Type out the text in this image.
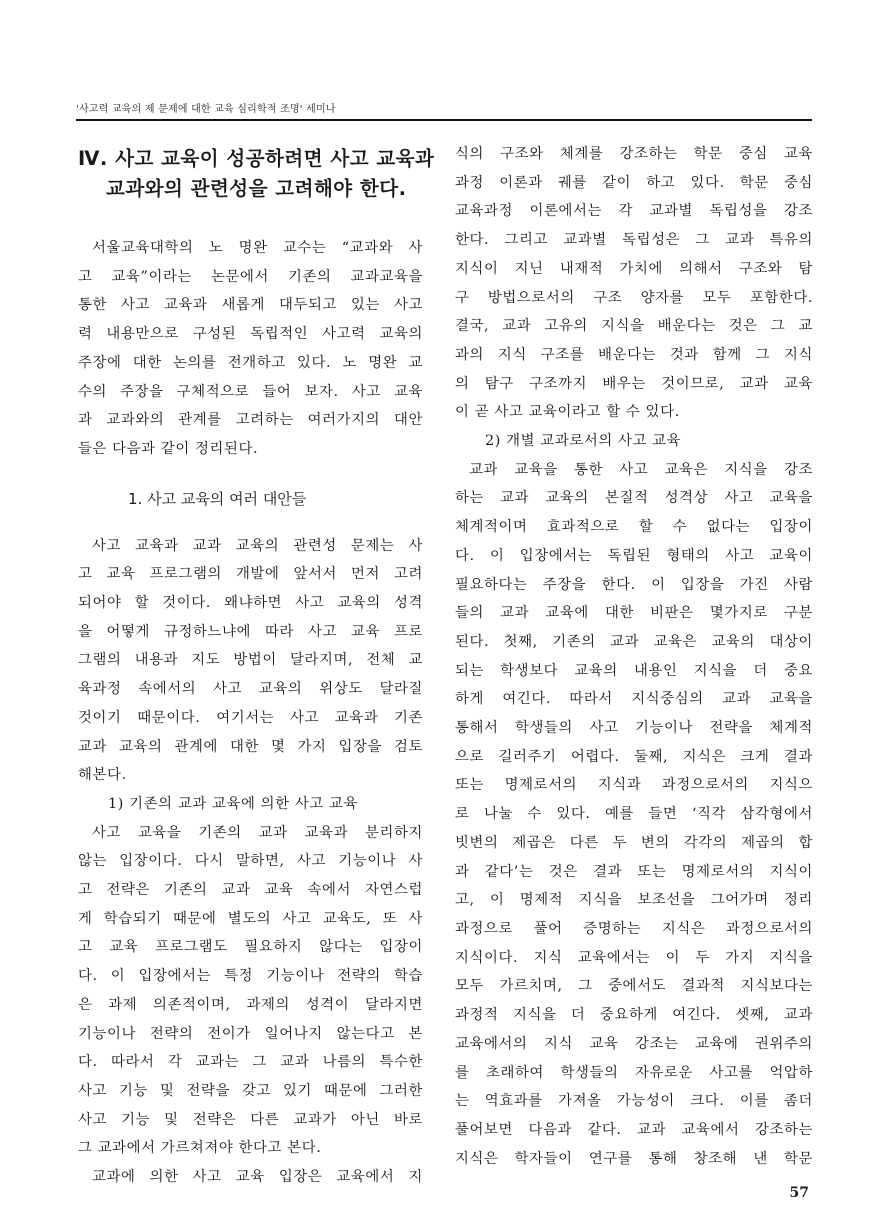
'사고력 교육의 제 문제에 대한 교육 심리학적 조명' 세미나
Ⅳ. 사고 교육이 성공하려면 사고 교육과
교과와의 관련성을 고려해야 한다.
서울교육대학의 노 명완 교수는 “교과와 사
고 교육”이라는 논문에서 기존의 교과교육을
통한 사고 교육과 새롭게 대두되고 있는 사고
력 내용만으로 구성된 독립적인 사고력 교육의
주장에 대한 논의를 전개하고 있다. 노 명완 교
수의 주장을 구체적으로 들어 보자. 사고 교육
과 교과와의 관계를 고려하는 여러가지의 대안
들은 다음과 같이 정리된다.
1. 사고 교육의 여러 대안들
사고 교육과 교과 교육의 관련성 문제는 사
고 교육 프로그램의 개발에 앞서서 먼저 고려
되어야 할 것이다. 왜냐하면 사고 교육의 성격
을 어떻게 규정하느냐에 따라 사고 교육 프로
그램의 내용과 지도 방법이 달라지며, 전체 교
육과정 속에서의 사고 교육의 위상도 달라질
것이기 때문이다. 여기서는 사고 교육과 기존
교과 교육의 관계에 대한 몇 가지 입장을 검토
해본다.
1) 기존의 교과 교육에 의한 사고 교육
사고 교육을 기존의 교과 교육과 분리하지
않는 입장이다. 다시 말하면, 사고 기능이나 사
고 전략은 기존의 교과 교육 속에서 자연스럽
게 학습되기 때문에 별도의 사고 교육도, 또 사
고 교육 프로그램도 필요하지 않다는 입장이
다. 이 입장에서는 특정 기능이나 전략의 학습
은 과제 의존적이며, 과제의 성격이 달라지면
기능이나 전략의 전이가 일어나지 않는다고 본
다. 따라서 각 교과는 그 교과 나름의 특수한
사고 기능 및 전략을 갖고 있기 때문에 그러한
사고 기능 및 전략은 다른 교과가 아닌 바로
그 교과에서 가르쳐져야 한다고 본다.
교과에 의한 사고 교육 입장은 교육에서 지
식의 구조와 체계를 강조하는 학문 중심 교육
과정 이론과 궤를 같이 하고 있다. 학문 중심
교육과정 이론에서는 각 교과별 독립성을 강조
한다. 그리고 교과별 독립성은 그 교과 특유의
지식이 지닌 내재적 가치에 의해서 구조와 탐
구 방법으로서의 구조 양자를 모두 포함한다.
결국, 교과 고유의 지식을 배운다는 것은 그 교
과의 지식 구조를 배운다는 것과 함께 그 지식
의 탐구 구조까지 배우는 것이므로, 교과 교육
이 곧 사고 교육이라고 할 수 있다.
2) 개별 교과로서의 사고 교육
교과 교육을 통한 사고 교육은 지식을 강조
하는 교과 교육의 본질적 성격상 사고 교육을
체계적이며 효과적으로 할 수 없다는 입장이
다. 이 입장에서는 독립된 형태의 사고 교육이
필요하다는 주장을 한다. 이 입장을 가진 사람
들의 교과 교육에 대한 비판은 몇가지로 구분
된다. 첫째, 기존의 교과 교육은 교육의 대상이
되는 학생보다 교육의 내용인 지식을 더 중요
하게 여긴다. 따라서 지식중심의 교과 교육을
통해서 학생들의 사고 기능이나 전략을 체계적
으로 길러주기 어렵다. 둘째, 지식은 크게 결과
또는 명제로서의 지식과 과정으로서의 지식으
로 나눌 수 있다. 예를 들면 ‘직각 삼각형에서
빗변의 제곱은 다른 두 변의 각각의 제곱의 합
과 같다’는 것은 결과 또는 명제로서의 지식이
고, 이 명제적 지식을 보조선을 그어가며 정리
과정으로 풀어 증명하는 지식은 과정으로서의
지식이다. 지식 교육에서는 이 두 가지 지식을
모두 가르치며, 그 중에서도 결과적 지식보다는
과정적 지식을 더 중요하게 여긴다. 셋째, 교과
교육에서의 지식 교육 강조는 교육에 권위주의
를 초래하여 학생들의 자유로운 사고를 억압하
는 역효과를 가져올 가능성이 크다. 이를 좀더
풀어보면 다음과 같다. 교과 교육에서 강조하는
지식은 학자들이 연구를 통해 창조해 낸 학문
57
